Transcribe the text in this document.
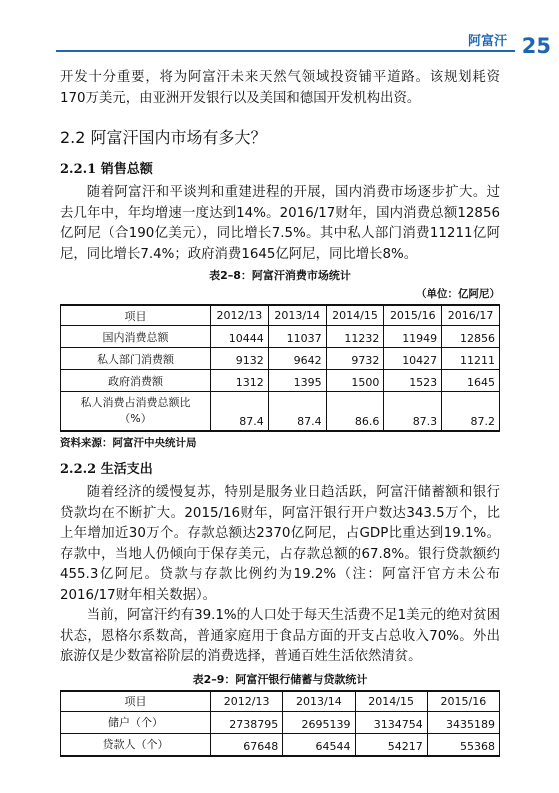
阿富汗 25

开发十分重要，将为阿富汗未来天然气领域投资铺平道路。该规划耗资170万美元，由亚洲开发银行以及美国和德国开发机构出资。

2.2 阿富汗国内市场有多大？
2.2.1 销售总额

随着阿富汗和平谈判和重建进程的开展，国内消费市场逐步扩大。过去几年中，年均增速一度达到14%。2016/17财年，国内消费总额12856亿阿尼（合190亿美元），同比增长7.5%。其中私人部门消费11211亿阿尼，同比增长7.4%；政府消费1645亿阿尼，同比增长8%。

表2–8：阿富汗消费市场统计
（单位：亿阿尼）
项目	2012/13	2013/14	2014/15	2015/16	2016/17
国内消费总额	10444	11037	11232	11949	12856
私人部门消费额	9132	9642	9732	10427	11211
政府消费额	1312	1395	1500	1523	1645
私人消费占消费总额比
（%）	87.4	87.4	86.6	87.3	87.2
资料来源：阿富汗中央统计局
2.2.2 生活支出

随着经济的缓慢复苏，特别是服务业日趋活跃，阿富汗储蓄额和银行贷款均在不断扩大。2015/16财年，阿富汗银行开户数达343.5万个，比上年增加近30万个。存款总额达2370亿阿尼，占GDP比重达到19.1%。存款中，当地人仍倾向于保存美元，占存款总额的67.8%。银行贷款额约455.3亿阿尼。贷款与存款比例约为19.2%（注：阿富汗官方未公布2016/17财年相关数据）。

当前，阿富汗约有39.1%的人口处于每天生活费不足1美元的绝对贫困状态，恩格尔系数高，普通家庭用于食品方面的开支占总收入70%。外出旅游仅是少数富裕阶层的消费选择，普通百姓生活依然清贫。

表2–9：阿富汗银行储蓄与贷款统计
项目	2012/13	2013/14	2014/15	2015/16
储户（个）	2738795	2695139	3134754	3435189
贷款人（个）	67648	64544	54217	55368
